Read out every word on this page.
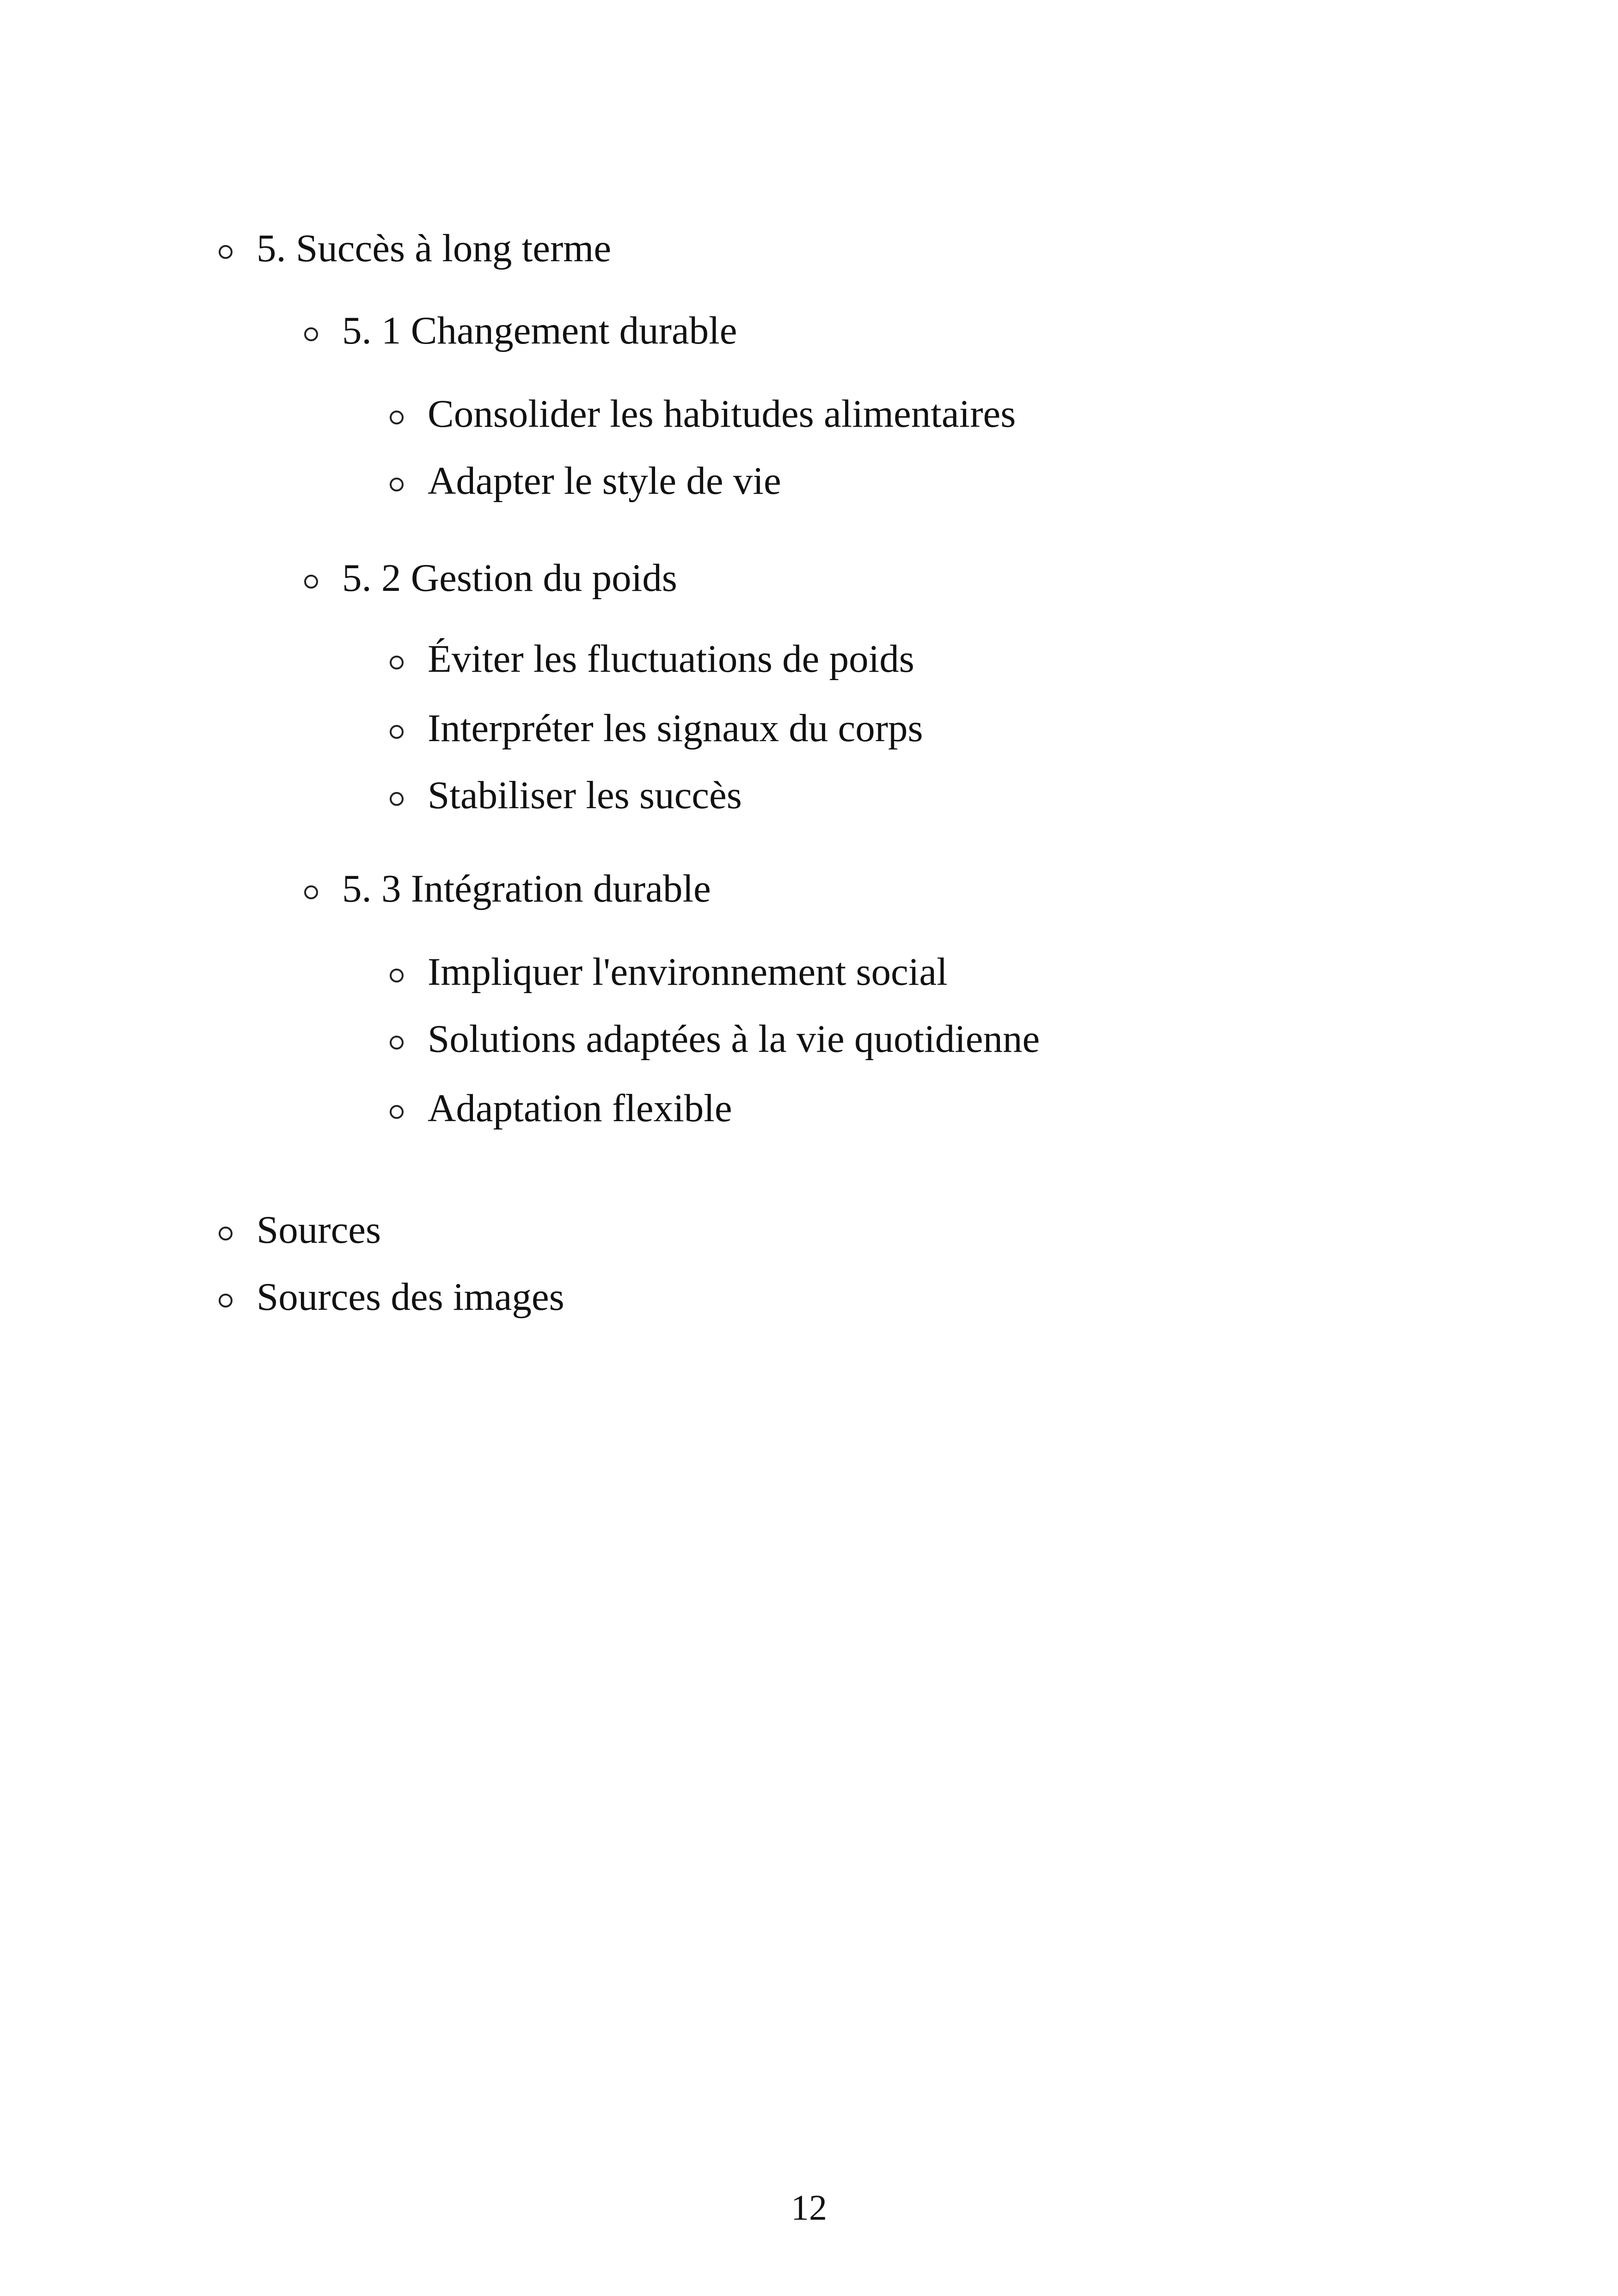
5. Succès à long terme
5. 1 Changement durable
Consolider les habitudes alimentaires
Adapter le style de vie
5. 2 Gestion du poids
Éviter les fluctuations de poids
Interpréter les signaux du corps
Stabiliser les succès
5. 3 Intégration durable
Impliquer l'environnement social
Solutions adaptées à la vie quotidienne
Adaptation flexible
Sources
Sources des images
12
